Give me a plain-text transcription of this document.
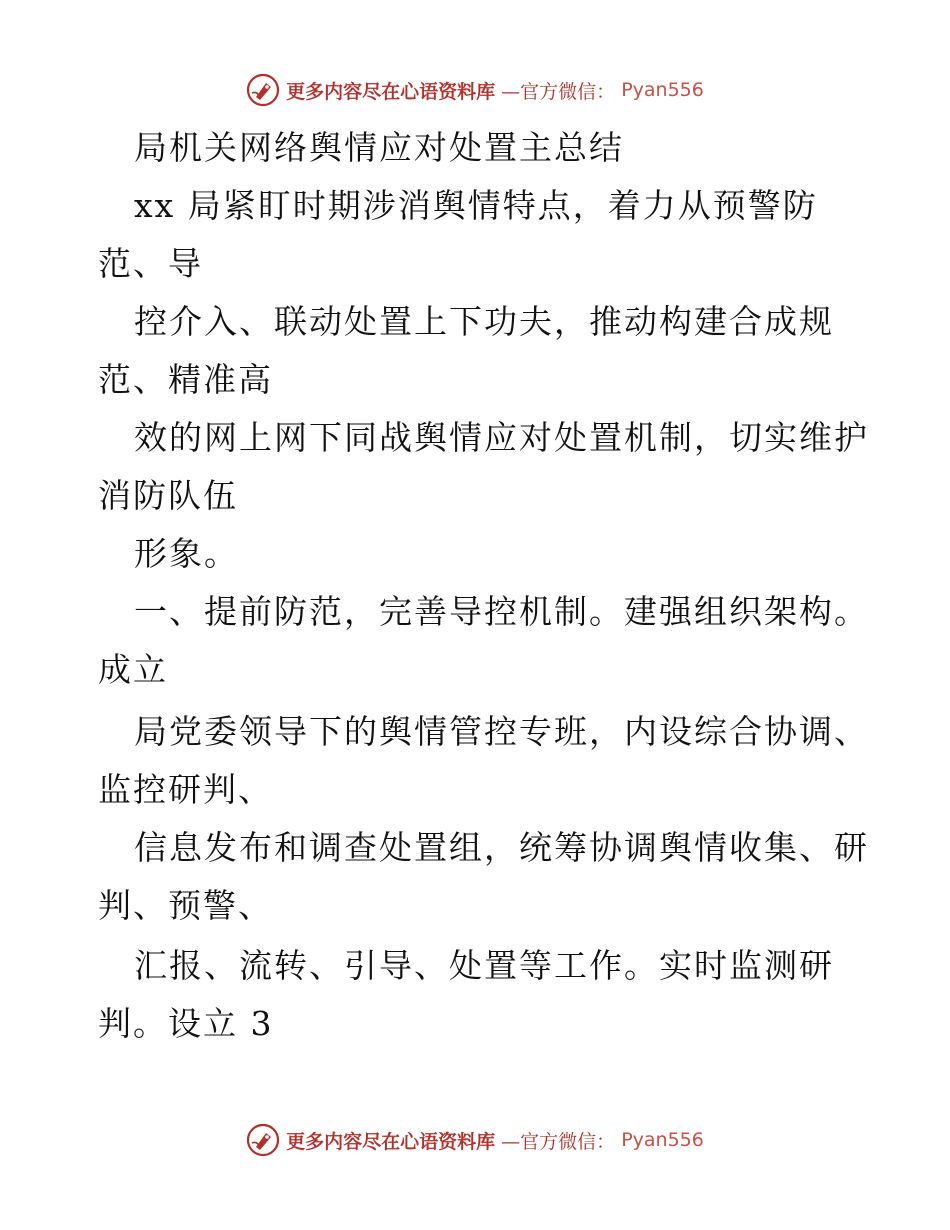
更多内容尽在心语资料库 —官方微信： Pyan556
局机关网络舆情应对处置主总结
xx 局紧盯时期涉消舆情特点，着力从预警防
范、导
控介入、联动处置上下功夫，推动构建合成规
范、精准高
效的网上网下同战舆情应对处置机制，切实维护
消防队伍
形象。
一、提前防范，完善导控机制。建强组织架构。
成立
局党委领导下的舆情管控专班，内设综合协调、
监控研判、
信息发布和调查处置组，统筹协调舆情收集、研
判、预警、
汇报、流转、引导、处置等工作。实时监测研
判。设立 3
更多内容尽在心语资料库 —官方微信： Pyan556
